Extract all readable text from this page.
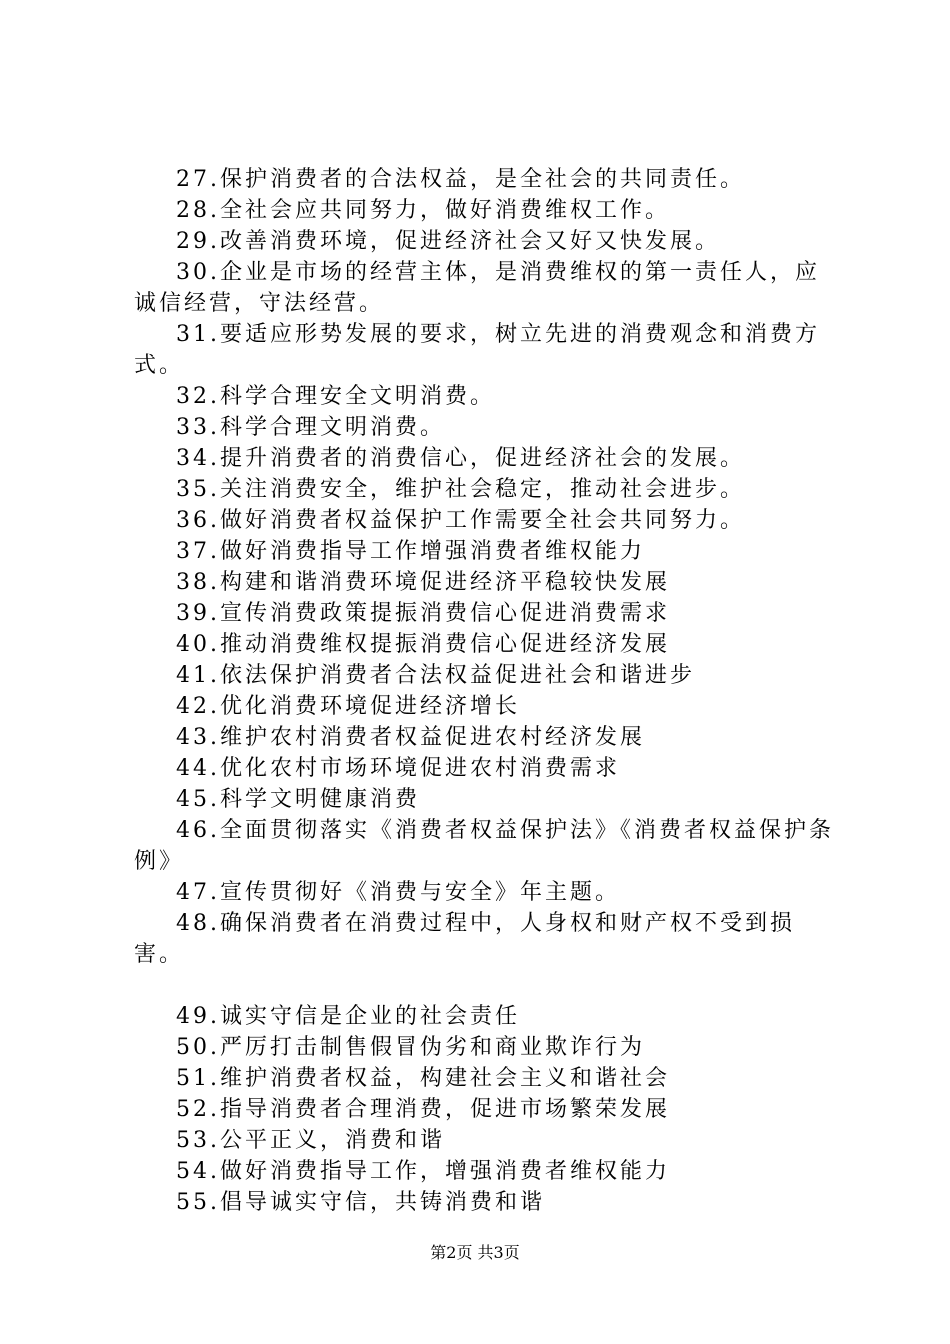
27.保护消费者的合法权益，是全社会的共同责任。

28.全社会应共同努力，做好消费维权工作。

29.改善消费环境，促进经济社会又好又快发展。

30.企业是市场的经营主体，是消费维权的第一责任人，应诚信经营，守法经营。

31.要适应形势发展的要求，树立先进的消费观念和消费方式。

32.科学合理安全文明消费。

33.科学合理文明消费。

34.提升消费者的消费信心，促进经济社会的发展。

35.关注消费安全，维护社会稳定，推动社会进步。

36.做好消费者权益保护工作需要全社会共同努力。

37.做好消费指导工作增强消费者维权能力

38.构建和谐消费环境促进经济平稳较快发展

39.宣传消费政策提振消费信心促进消费需求

40.推动消费维权提振消费信心促进经济发展

41.依法保护消费者合法权益促进社会和谐进步

42.优化消费环境促进经济增长

43.维护农村消费者权益促进农村经济发展

44.优化农村市场环境促进农村消费需求

45.科学文明健康消费

46.全面贯彻落实《消费者权益保护法》《消费者权益保护条例》

47.宣传贯彻好《消费与安全》年主题。

48.确保消费者在消费过程中，人身权和财产权不受到损害。

49.诚实守信是企业的社会责任

50.严厉打击制售假冒伪劣和商业欺诈行为

51.维护消费者权益，构建社会主义和谐社会

52.指导消费者合理消费，促进市场繁荣发展

53.公平正义，消费和谐

54.做好消费指导工作，增强消费者维权能力

55.倡导诚实守信，共铸消费和谐

第2页 共3页
